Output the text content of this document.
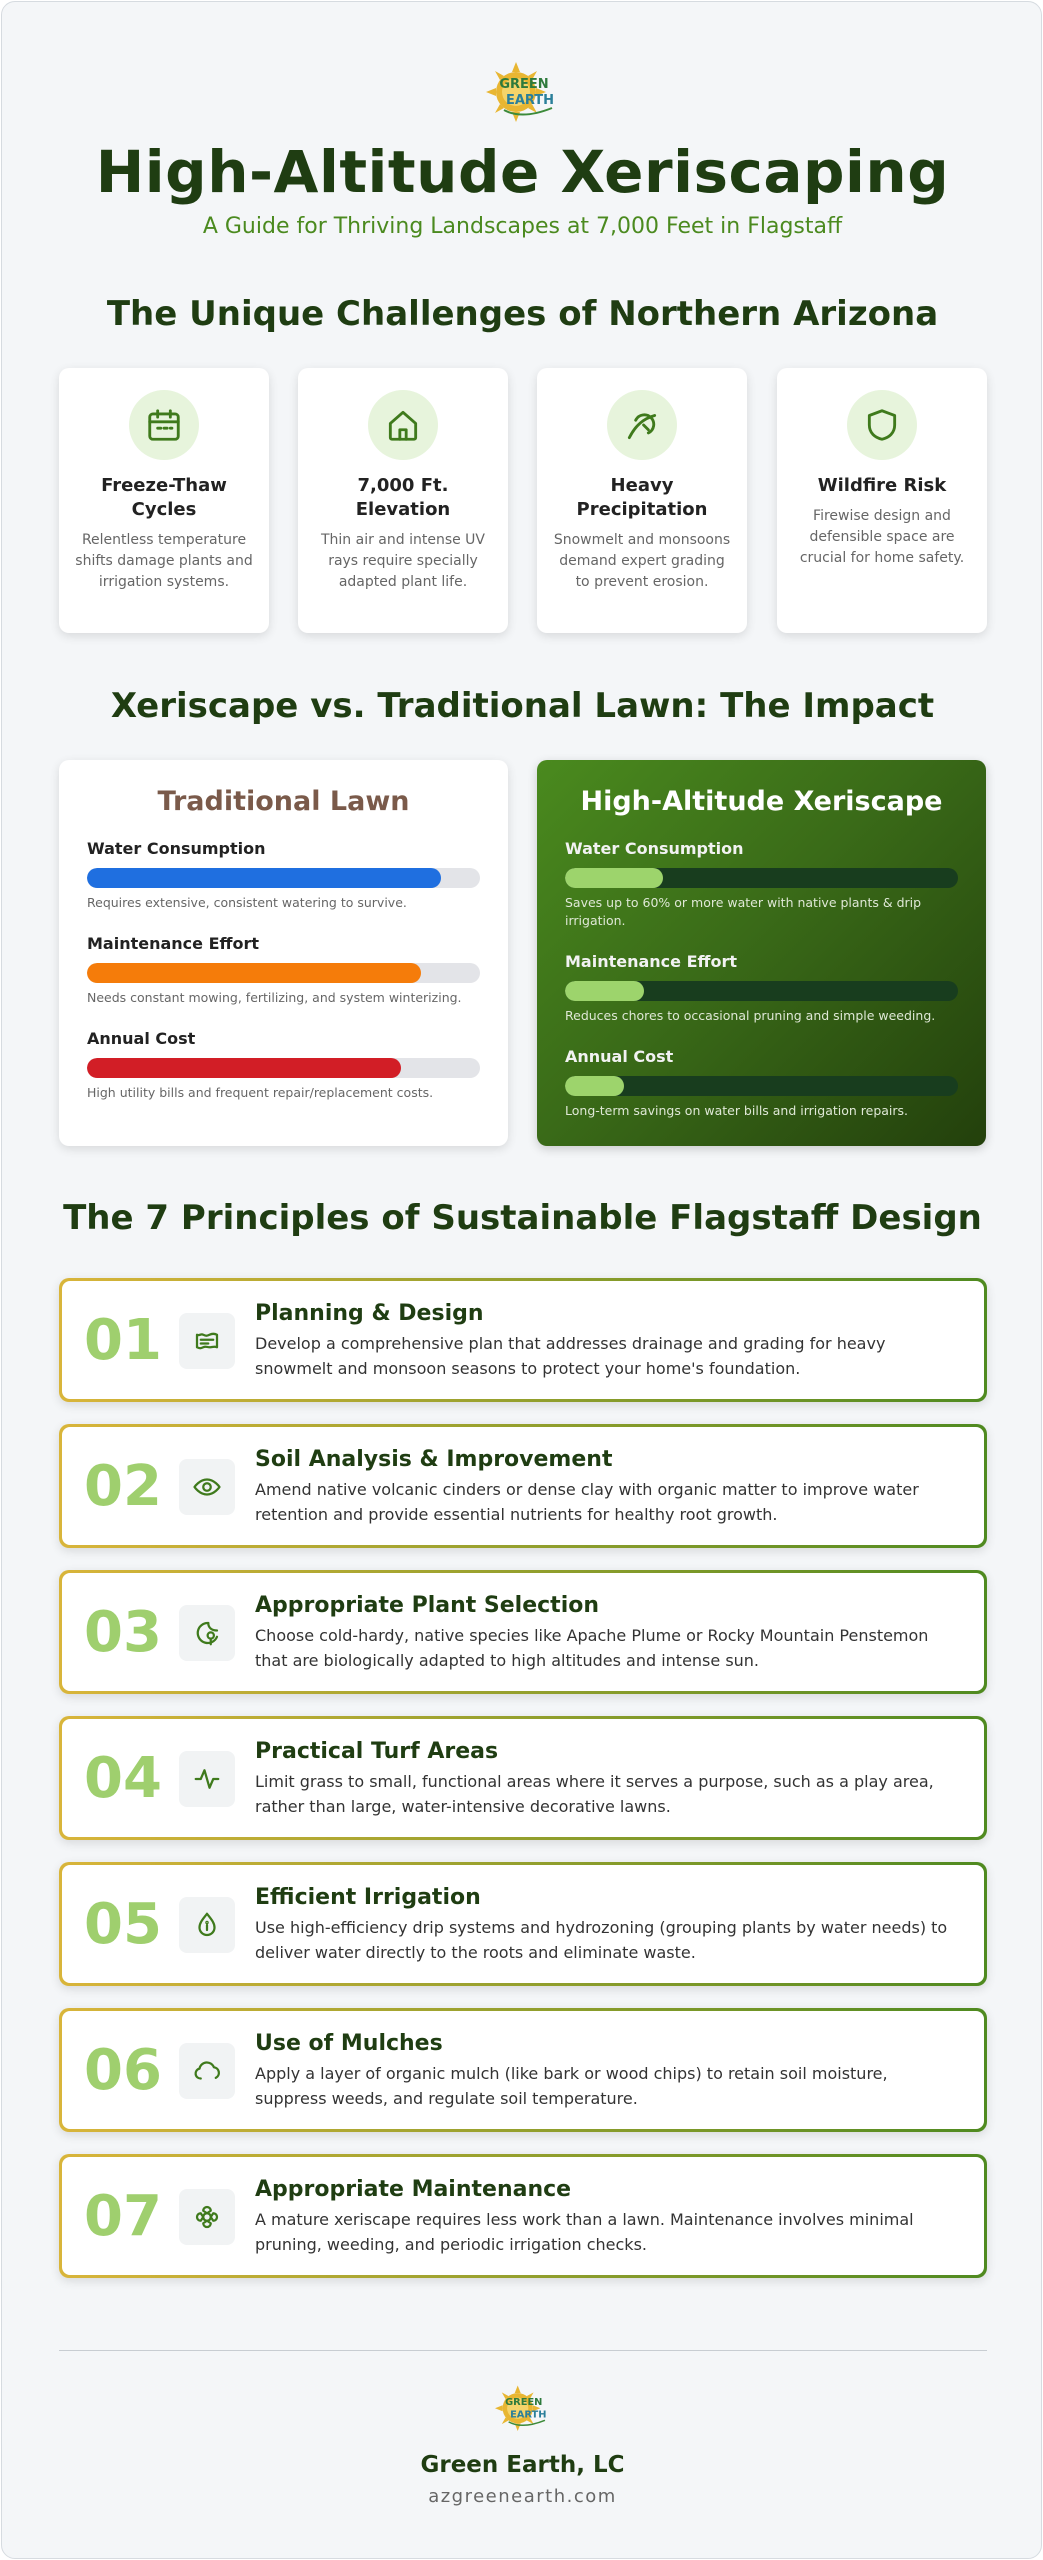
GREEN
EARTH
High-Altitude Xeriscaping
A Guide for Thriving Landscapes at 7,000 Feet in Flagstaff
The Unique Challenges of Northern Arizona
Freeze-Thaw Cycles
Relentless temperature shifts damage plants and irrigation systems.
7,000 Ft. Elevation
Thin air and intense UV rays require specially adapted plant life.
Heavy Precipitation
Snowmelt and monsoons demand expert grading to prevent erosion.
Wildfire Risk
Firewise design and defensible space are crucial for home safety.
Xeriscape vs. Traditional Lawn: The Impact
Traditional Lawn
Water Consumption
Requires extensive, consistent watering to survive.
Maintenance Effort
Needs constant mowing, fertilizing, and system winterizing.
Annual Cost
High utility bills and frequent repair/replacement costs.
High-Altitude Xeriscape
Water Consumption
Saves up to 60% or more water with native plants & drip irrigation.
Maintenance Effort
Reduces chores to occasional pruning and simple weeding.
Annual Cost
Long-term savings on water bills and irrigation repairs.
The 7 Principles of Sustainable Flagstaff Design
01	Planning & Design
Develop a comprehensive plan that addresses drainage and grading for heavy snowmelt and monsoon seasons to protect your home's foundation.
02	Soil Analysis & Improvement
Amend native volcanic cinders or dense clay with organic matter to improve water retention and provide essential nutrients for healthy root growth.
03	Appropriate Plant Selection
Choose cold-hardy, native species like Apache Plume or Rocky Mountain Penstemon that are biologically adapted to high altitudes and intense sun.
04	Practical Turf Areas
Limit grass to small, functional areas where it serves a purpose, such as a play area, rather than large, water-intensive decorative lawns.
05	Efficient Irrigation
Use high-efficiency drip systems and hydrozoning (grouping plants by water needs) to deliver water directly to the roots and eliminate waste.
06	Use of Mulches
Apply a layer of organic mulch (like bark or wood chips) to retain soil moisture, suppress weeds, and regulate soil temperature.
07	Appropriate Maintenance
A mature xeriscape requires less work than a lawn. Maintenance involves minimal pruning, weeding, and periodic irrigation checks.
GREEN
EARTH
Green Earth, LC
azgreenearth.com
